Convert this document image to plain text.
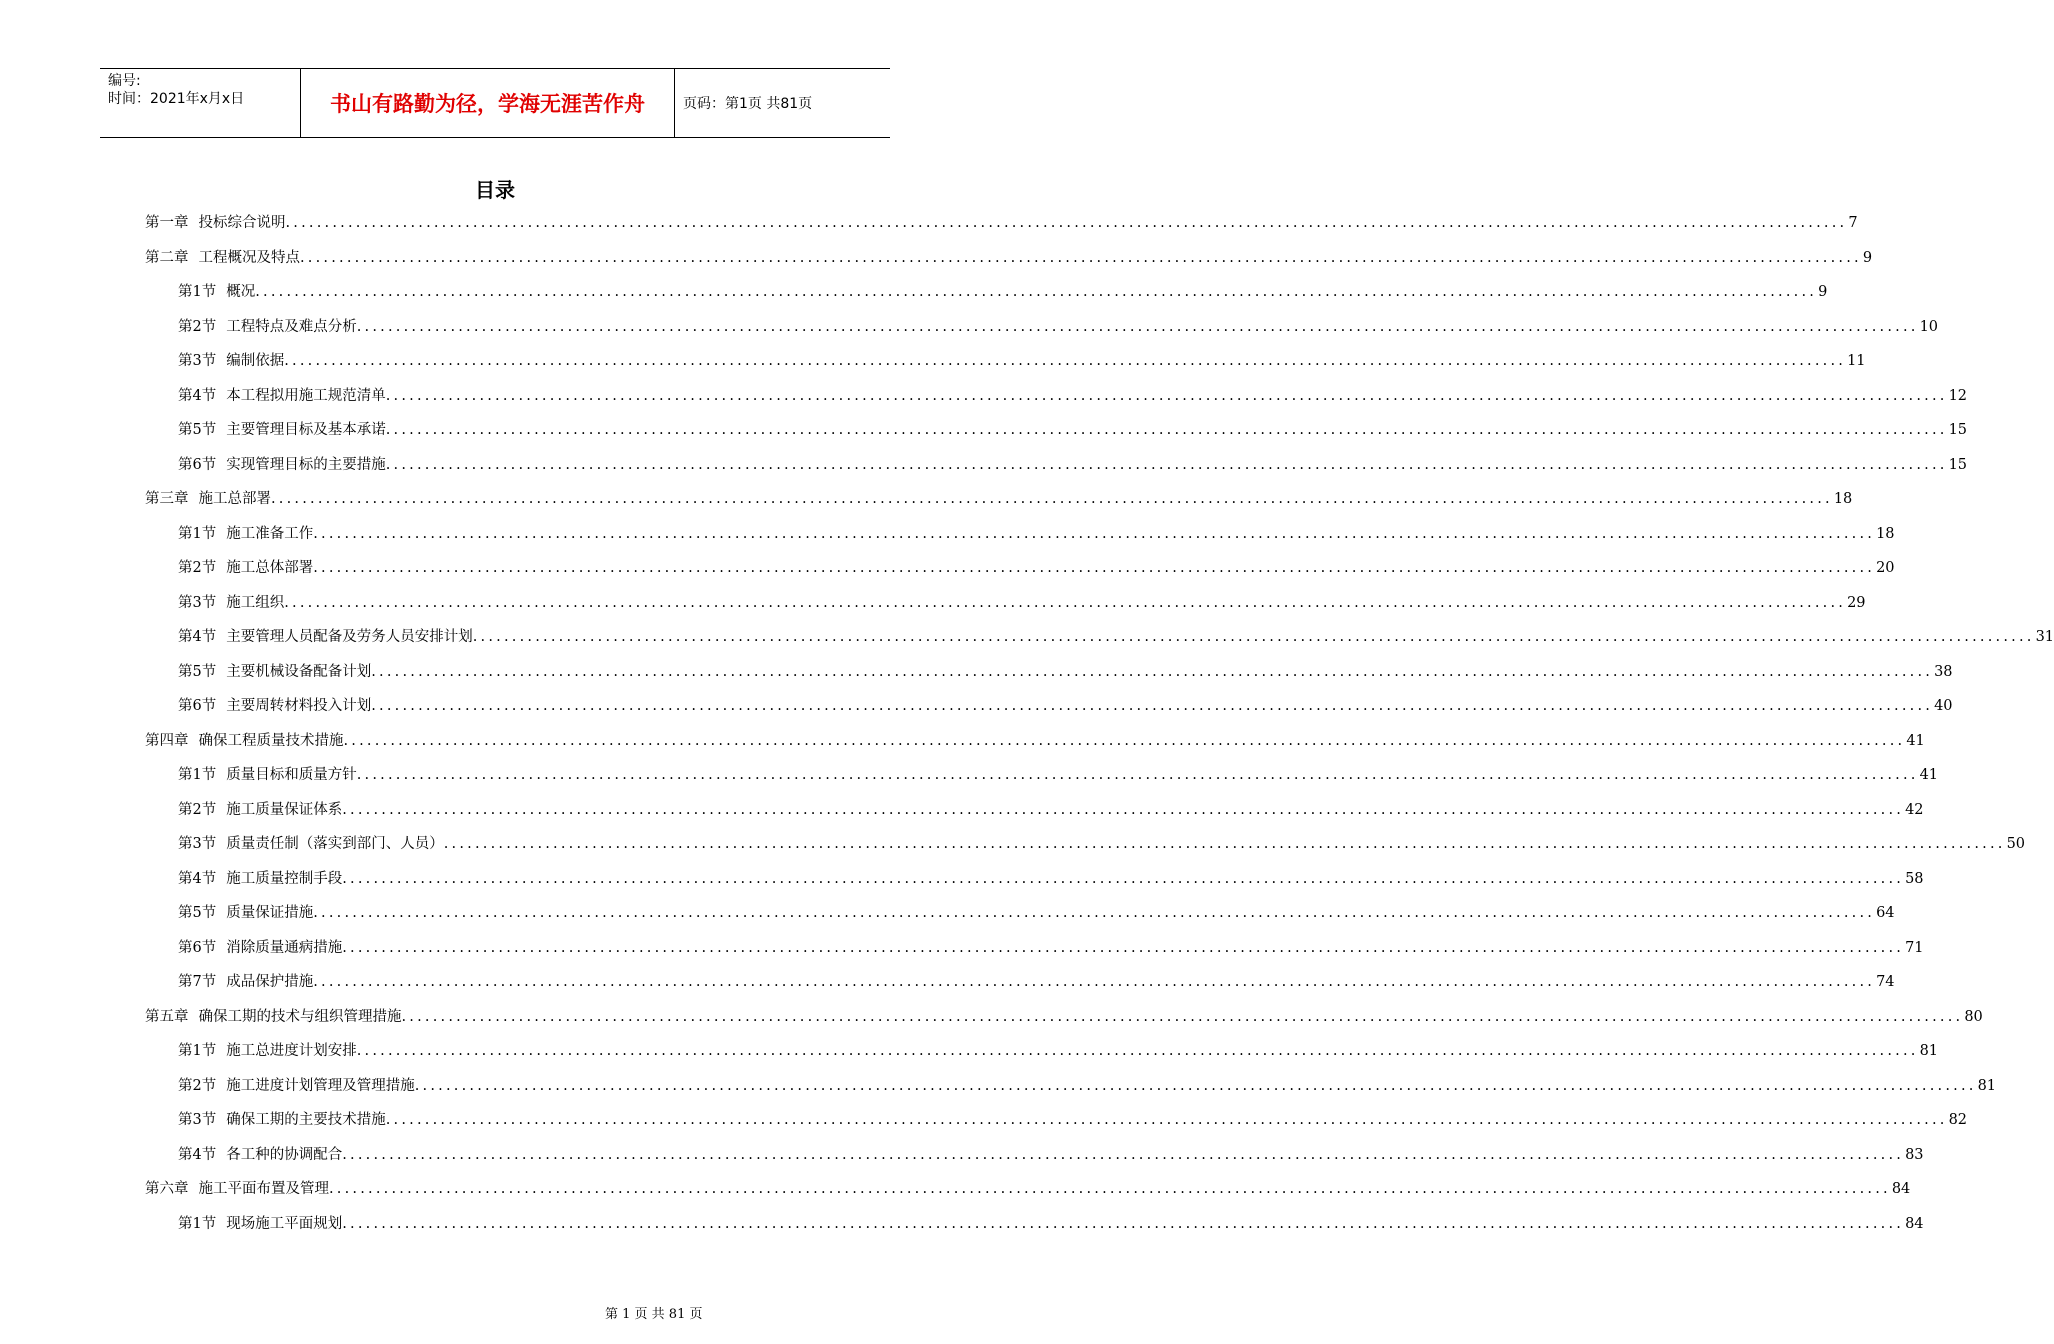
编号:
时间：2021年x月x日	书山有路勤为径，学海无涯苦作舟	页码：第1页 共81页
目录
第一章 投标综合说明 ........................................................................................................................................................................................................ 7
第二章 工程概况及特点 ........................................................................................................................................................................................................ 9
第1节 概况 ........................................................................................................................................................................................................ 9
第2节 工程特点及难点分析 ........................................................................................................................................................................................................ 10
第3节 编制依据 ........................................................................................................................................................................................................ 11
第4节 本工程拟用施工规范清单 ........................................................................................................................................................................................................ 12
第5节 主要管理目标及基本承诺 ........................................................................................................................................................................................................ 15
第6节 实现管理目标的主要措施 ........................................................................................................................................................................................................ 15
第三章 施工总部署 ........................................................................................................................................................................................................ 18
第1节 施工准备工作 ........................................................................................................................................................................................................ 18
第2节 施工总体部署 ........................................................................................................................................................................................................ 20
第3节 施工组织 ........................................................................................................................................................................................................ 29
第4节 主要管理人员配备及劳务人员安排计划 ........................................................................................................................................................................................................ 31
第5节 主要机械设备配备计划 ........................................................................................................................................................................................................ 38
第6节 主要周转材料投入计划 ........................................................................................................................................................................................................ 40
第四章 确保工程质量技术措施 ........................................................................................................................................................................................................ 41
第1节 质量目标和质量方针 ........................................................................................................................................................................................................ 41
第2节 施工质量保证体系 ........................................................................................................................................................................................................ 42
第3节 质量责任制（落实到部门、人员） ........................................................................................................................................................................................................ 50
第4节 施工质量控制手段 ........................................................................................................................................................................................................ 58
第5节 质量保证措施 ........................................................................................................................................................................................................ 64
第6节 消除质量通病措施 ........................................................................................................................................................................................................ 71
第7节 成品保护措施 ........................................................................................................................................................................................................ 74
第五章 确保工期的技术与组织管理措施 ........................................................................................................................................................................................................ 80
第1节 施工总进度计划安排 ........................................................................................................................................................................................................ 81
第2节 施工进度计划管理及管理措施 ........................................................................................................................................................................................................ 81
第3节 确保工期的主要技术措施 ........................................................................................................................................................................................................ 82
第4节 各工种的协调配合 ........................................................................................................................................................................................................ 83
第六章 施工平面布置及管理 ........................................................................................................................................................................................................ 84
第1节 现场施工平面规划 ........................................................................................................................................................................................................ 84
第 1 页 共 81 页
